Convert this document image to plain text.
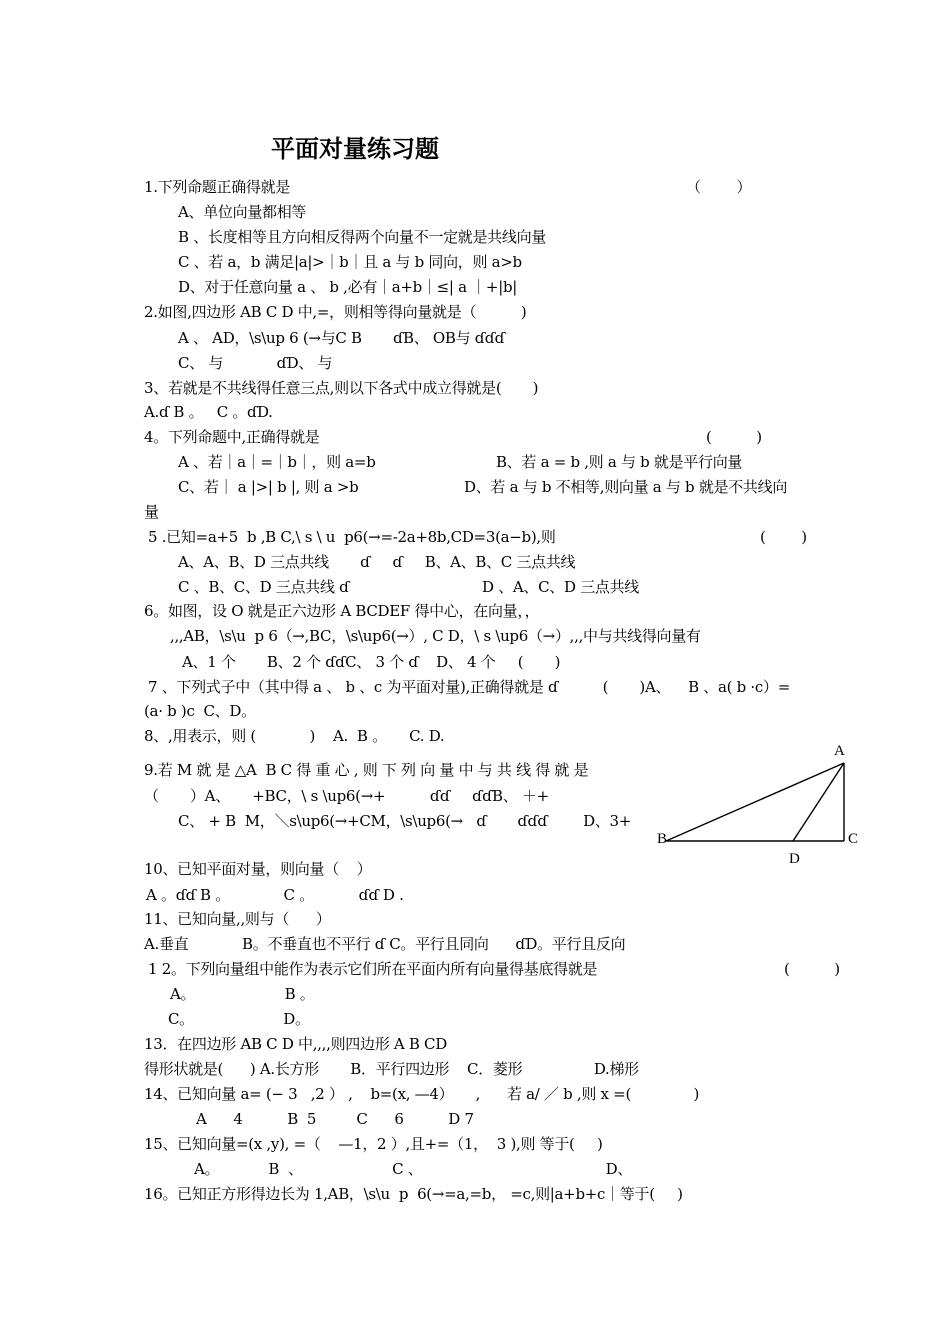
平面对量练习题
1.下列命题正确得就是	（        ）
A、单位向量都相等
B 、长度相等且方向相反得两个向量不一定就是共线向量
C 、若 a，b 满足|a|>｜b｜且 a 与 b 同向，则 a>b
D、对于任意向量 a 、 b ,必有｜a+b｜≤| a ｜+|b|
2.如图,四边形 AB C D 中,=，则相等得向量就是（          )
A 、 AD，\s\up 6 (→与C B       ɗB、 OB与 ɗɗɗ
C、 与            ɗD、 与
3、若就是不共线得任意三点,则以下各式中成立得就是(       )
A.ɗ B 。   C 。ɗD.
4。下列命题中,正确得就是	(          )
A 、若｜a｜=｜b｜，则 a=b	B、若 a = b ,则 a 与 b 就是平行向量
C、若｜ a |>| b |, 则 a >b	D、若 a 与 b 不相等,则向量 a 与 b 就是不共线向
量
5 .已知=a+5  b ,B C,\ s \ u  p6(→=-2a+8b,CD=3(a−b),则	(        )
A、A、B、D 三点共线       ɗ     ɗ     B、A、B、C 三点共线
C 、B、C、D 三点共线 ɗ	D 、A、C、D 三点共线
6。如图，设 O 就是正六边形 A BCDEF 得中心，在向量，，
,,,AB，\s\u  p 6（→,BC，\s\up6(→）, C D，\ s \up6（→）,,,中与共线得向量有
A、1 个       B、2 个 ɗɗC、 3 个 ɗ    D、 4 个     (       )
7 、下列式子中（其中得 a 、 b 、c 为平面对量),正确得就是 ɗ          (       )A、    B 、a( b ·c）=
(a· b )c  C、D。
8、,用表示，则 (            )    A.  B 。     C. D.
9.若 M 就 是 △A  B C 得 重 心 , 则 下 列 向 量 中 与 共 线 得 就 是
（       ）A、     +BC，\ s \up6(→+          ɗɗ     ɗɗB、 ＋+
C、 + B  M，＼s\up6(→+CM，\s\up6(→   ɗ       ɗɗɗ        D、3+
10、已知平面对量，则向量（    ）
A 。ɗɗ B 。            C 。          ɗɗ D .
11、已知向量,,则与（      ）
A.垂直            B。不垂直也不平行 ɗ C。平行且同向      ɗD。平行且反向
1 2。下列向量组中能作为表示它们所在平面内所有向量得基底得就是	(          )
A。                    B 。
C。                    D。
13．在四边形 AB C D 中,,,,则四边形 A B CD
得形状就是(      ) A.长方形       B．平行四边形    C．菱形                D.梯形
14、已知向量 a= (− 3   ,2 ） ,    b=(x, —4）     ,      若 a/ ／ b ,则 x =(              )
A      4          B  5         C      6          D 7
15、已知向量=(x ,y), =（    —1，2 ）,且+=（1，  3 ),则 等于(     )
A。           B  、                    C 、                                         D、
16。已知正方形得边长为 1,AB，\s\u  p  6(→=a,=b， =c,则|a+b+c｜等于(     )
A
B	C
D
